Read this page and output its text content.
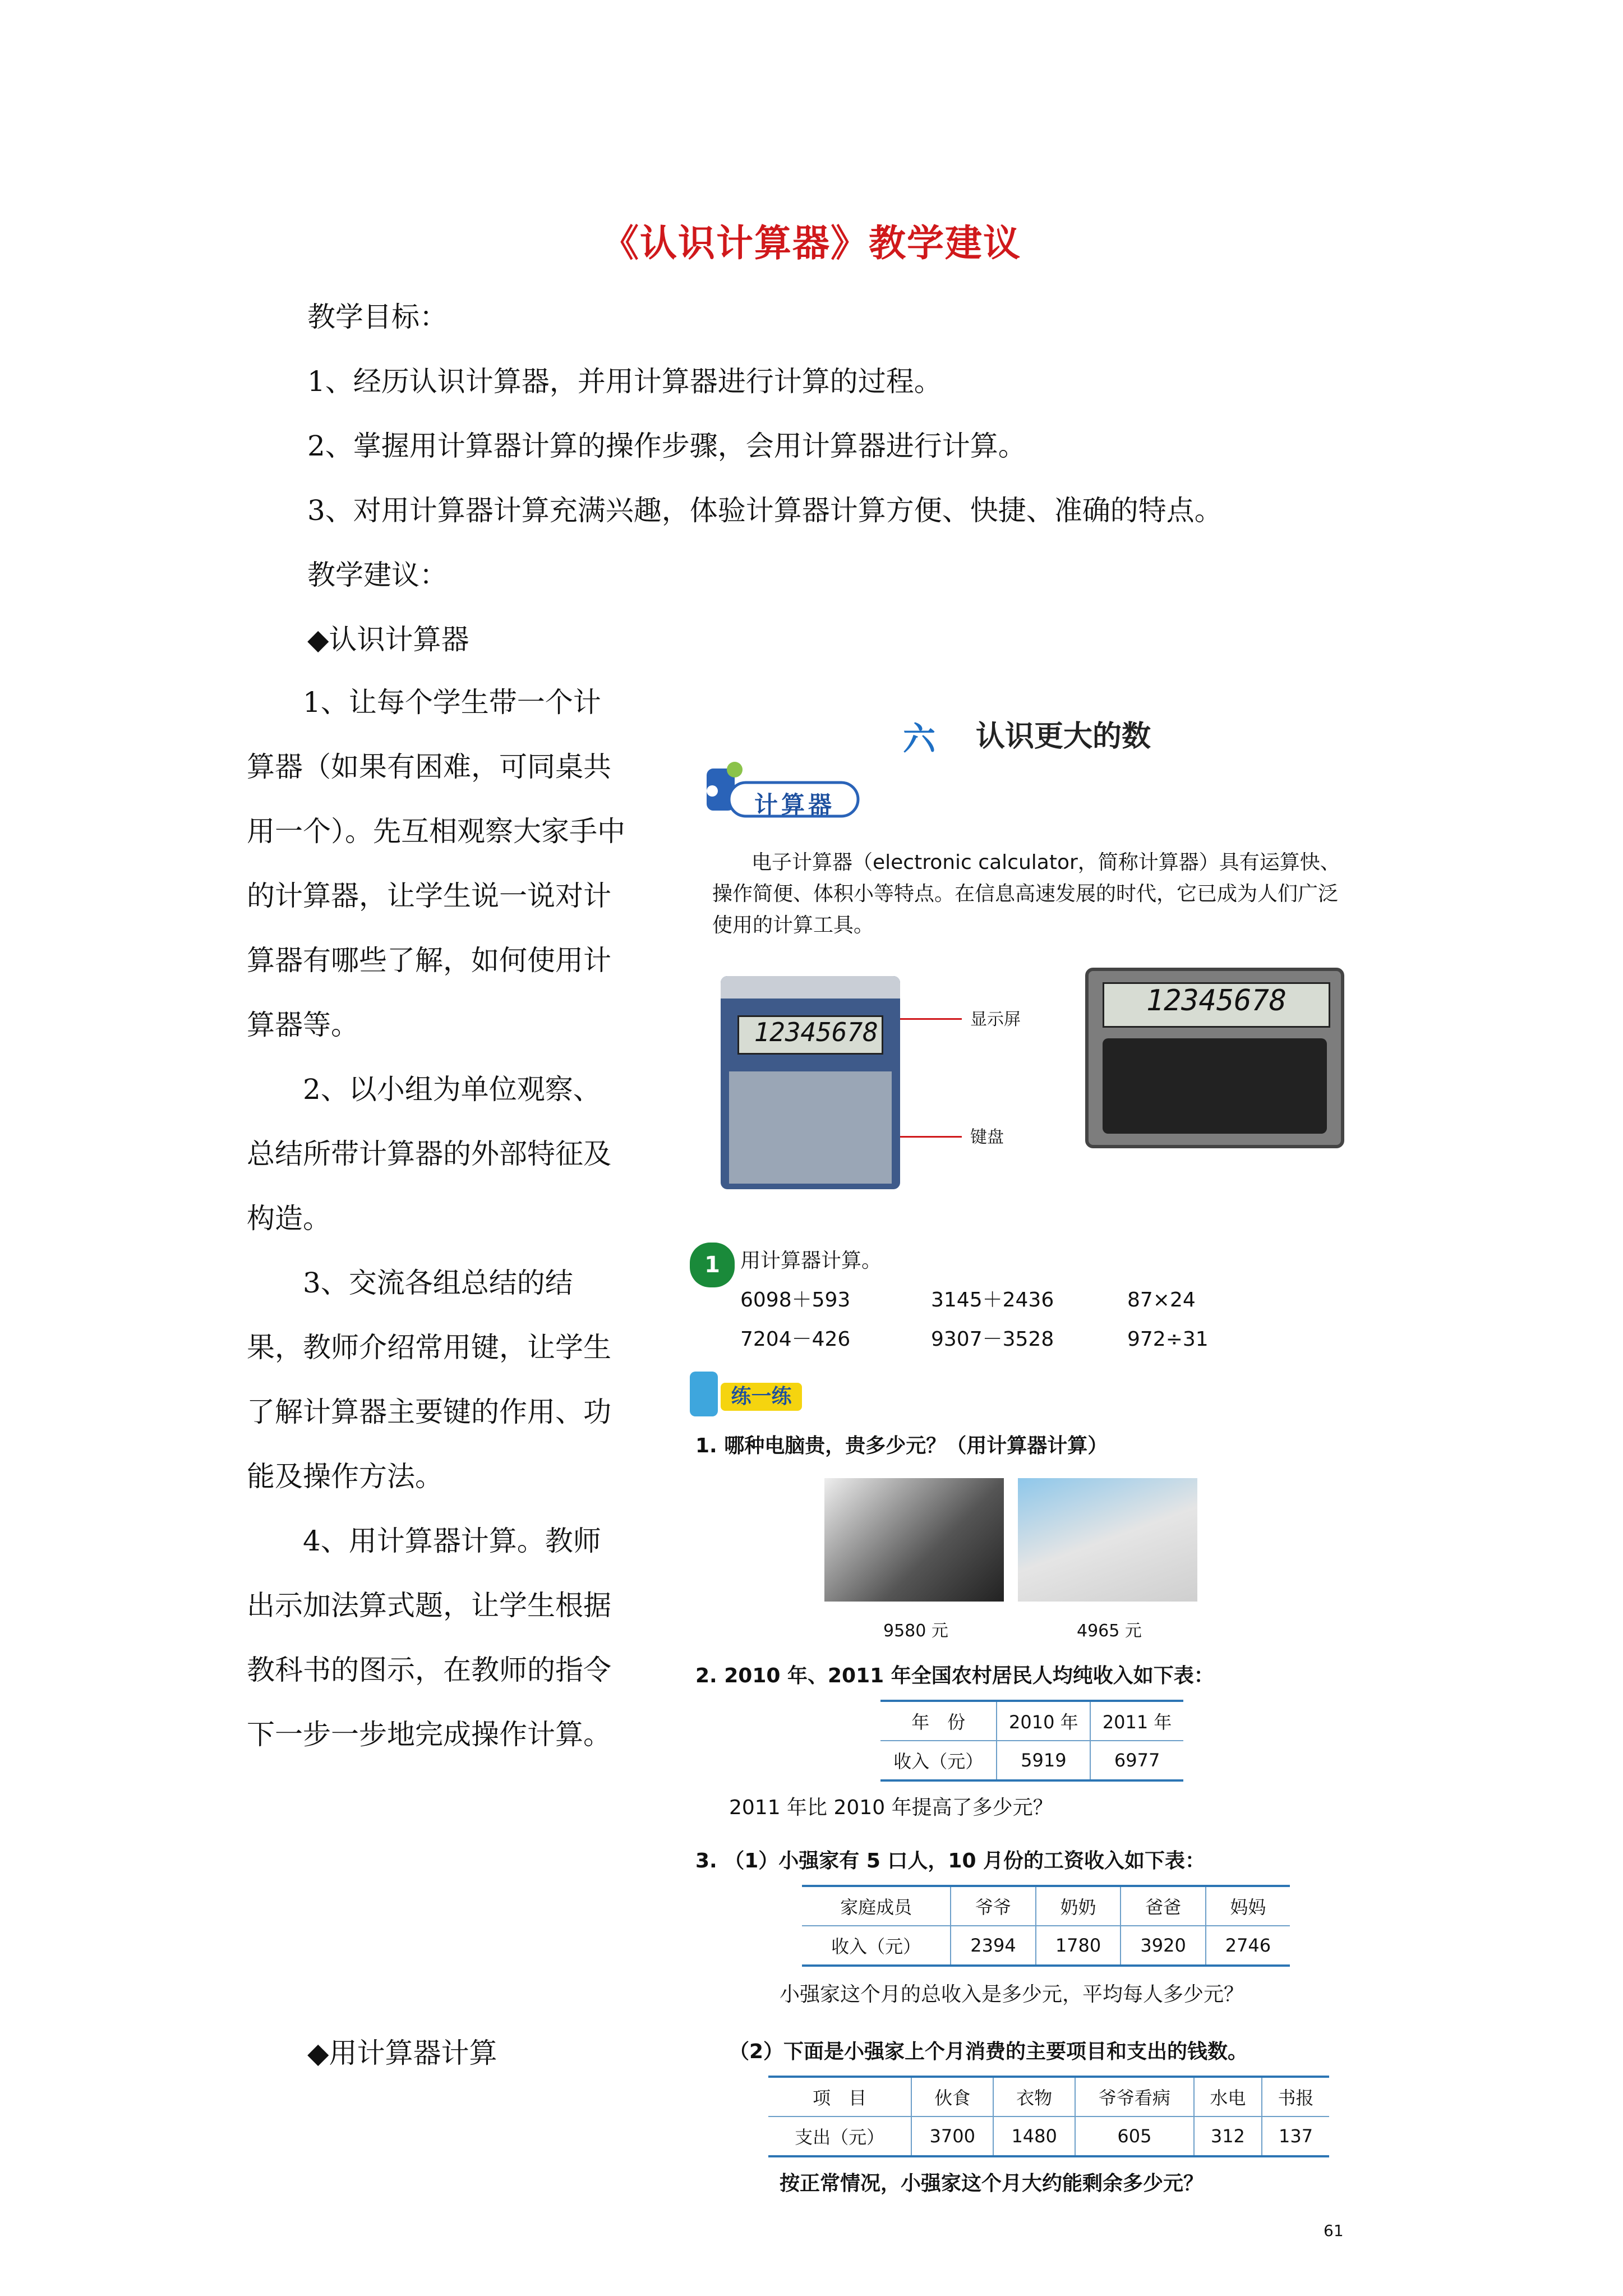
《认识计算器》教学建议
教学目标：
1、经历认识计算器，并用计算器进行计算的过程。
2、掌握用计算器计算的操作步骤，会用计算器进行计算。
3、对用计算器计算充满兴趣，体验计算器计算方便、快捷、准确的特点。
教学建议：
◆认识计算器

1、让每个学生带一个计算器（如果有困难，可同桌共用一个）。先互相观察大家手中的计算器，让学生说一说对计算器有哪些了解，如何使用计算器等。

2、以小组为单位观察、总结所带计算器的外部特征及构造。

3、交流各组总结的结果，教师介绍常用键，让学生了解计算器主要键的作用、功能及操作方法。

4、用计算器计算。教师出示加法算式题，让学生根据教科书的图示，在教师的指令下一步一步地完成操作计算。

◆用计算器计算
六 认识更大的数
计算器
电子计算器（electronic calculator，简称计算器）具有运算快、操作简便、体积小等特点。在信息高速发展的时代，它已成为人们广泛使用的计算工具。
12345678	显示屏
键盘
12345678
1	用计算器计算。
6098＋593	3145＋2436	87×24
7204－426	9307－3528	972÷31
练一练
1. 哪种电脑贵，贵多少元？（用计算器计算）
9580 元	4965 元
2. 2010 年、2011 年全国农村居民人均纯收入如下表：
年　份	2010 年	2011 年
收入（元）	5919	6977
2011 年比 2010 年提高了多少元？
3. （1）小强家有 5 口人，10 月份的工资收入如下表：
家庭成员	爷爷	奶奶	爸爸	妈妈
收入（元）	2394	1780	3920	2746
小强家这个月的总收入是多少元，平均每人多少元？
（2）下面是小强家上个月消费的主要项目和支出的钱数。
项　目	伙食	衣物	爷爷看病	水电	书报
支出（元）	3700	1480	605	312	137
按正常情况，小强家这个月大约能剩余多少元？
61
